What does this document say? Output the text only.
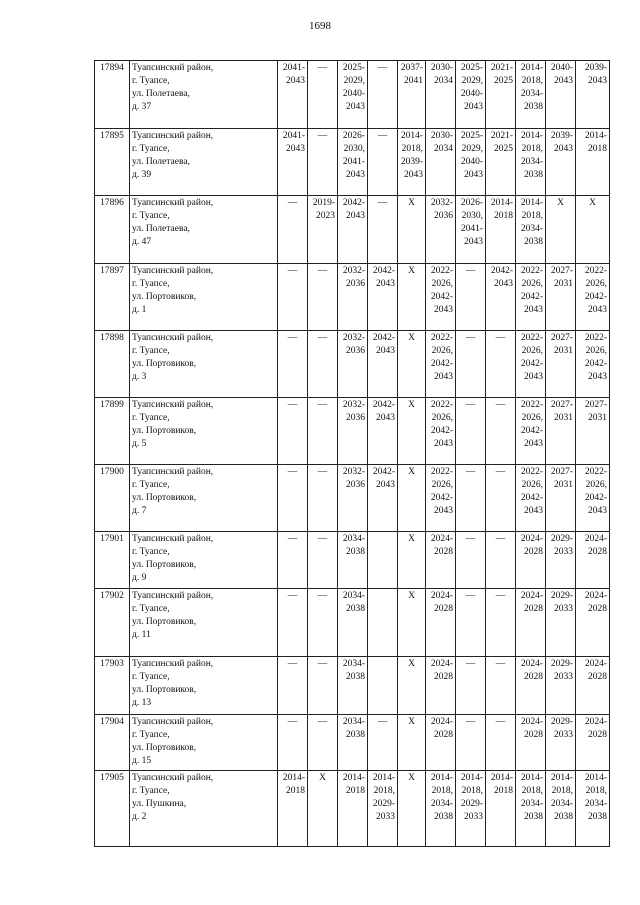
1698
17894	Туапсинский район,
г. Туапсе,
ул. Полетаева,
д. 37	2041-
2043	—	2025-
2029,
2040-
2043	—	2037-
2041	2030-
2034	2025-
2029,
2040-
2043	2021-
2025	2014-
2018,
2034-
2038	2040-
2043	2039-
2043

17895	Туапсинский район,
г. Туапсе,
ул. Полетаева,
д. 39	2041-
2043	—	2026-
2030,
2041-
2043	—	2014-
2018,
2039-
2043	2030-
2034	2025-
2029,
2040-
2043	2021-
2025	2014-
2018,
2034-
2038	2039-
2043	2014-
2018

17896	Туапсинский район,
г. Туапсе,
ул. Полетаева,
д. 47	—	2019-
2023	2042-
2043	—	X	2032-
2036	2026-
2030,
2041-
2043	2014-
2018	2014-
2018,
2034-
2038	X	X

17897	Туапсинский район,
г. Туапсе,
ул. Портовиков,
д. 1	—	—	2032-
2036	2042-
2043	X	2022-
2026,
2042-
2043	—	2042-
2043	2022-
2026,
2042-
2043	2027-
2031	2022-
2026,
2042-
2043

17898	Туапсинский район,
г. Туапсе,
ул. Портовиков,
д. 3	—	—	2032-
2036	2042-
2043	X	2022-
2026,
2042-
2043	—	—	2022-
2026,
2042-
2043	2027-
2031	2022-
2026,
2042-
2043

17899	Туапсинский район,
г. Туапсе,
ул. Портовиков,
д. 5	—	—	2032-
2036	2042-
2043	X	2022-
2026,
2042-
2043	—	—	2022-
2026,
2042-
2043	2027-
2031	2027-
2031

17900	Туапсинский район,
г. Туапсе,
ул. Портовиков,
д. 7	—	—	2032-
2036	2042-
2043	X	2022-
2026,
2042-
2043	—	—	2022-
2026,
2042-
2043	2027-
2031	2022-
2026,
2042-
2043

17901	Туапсинский район,
г. Туапсе,
ул. Портовиков,
д. 9	—	—	2034-
2038		X	2024-
2028	—	—	2024-
2028	2029-
2033	2024-
2028

17902	Туапсинский район,
г. Туапсе,
ул. Портовиков,
д. 11	—	—	2034-
2038		X	2024-
2028	—	—	2024-
2028	2029-
2033	2024-
2028

17903	Туапсинский район,
г. Туапсе,
ул. Портовиков,
д. 13	—	—	2034-
2038		X	2024-
2028	—	—	2024-
2028	2029-
2033	2024-
2028

17904	Туапсинский район,
г. Туапсе,
ул. Портовиков,
д. 15	—	—	2034-
2038	—	X	2024-
2028	—	—	2024-
2028	2029-
2033	2024-
2028

17905	Туапсинский район,
г. Туапсе,
ул. Пушкина,
д. 2	2014-
2018	X	2014-
2018	2014-
2018,
2029-
2033	X	2014-
2018,
2034-
2038	2014-
2018,
2029-
2033	2014-
2018	2014-
2018,
2034-
2038	2014-
2018,
2034-
2038	2014-
2018,
2034-
2038
